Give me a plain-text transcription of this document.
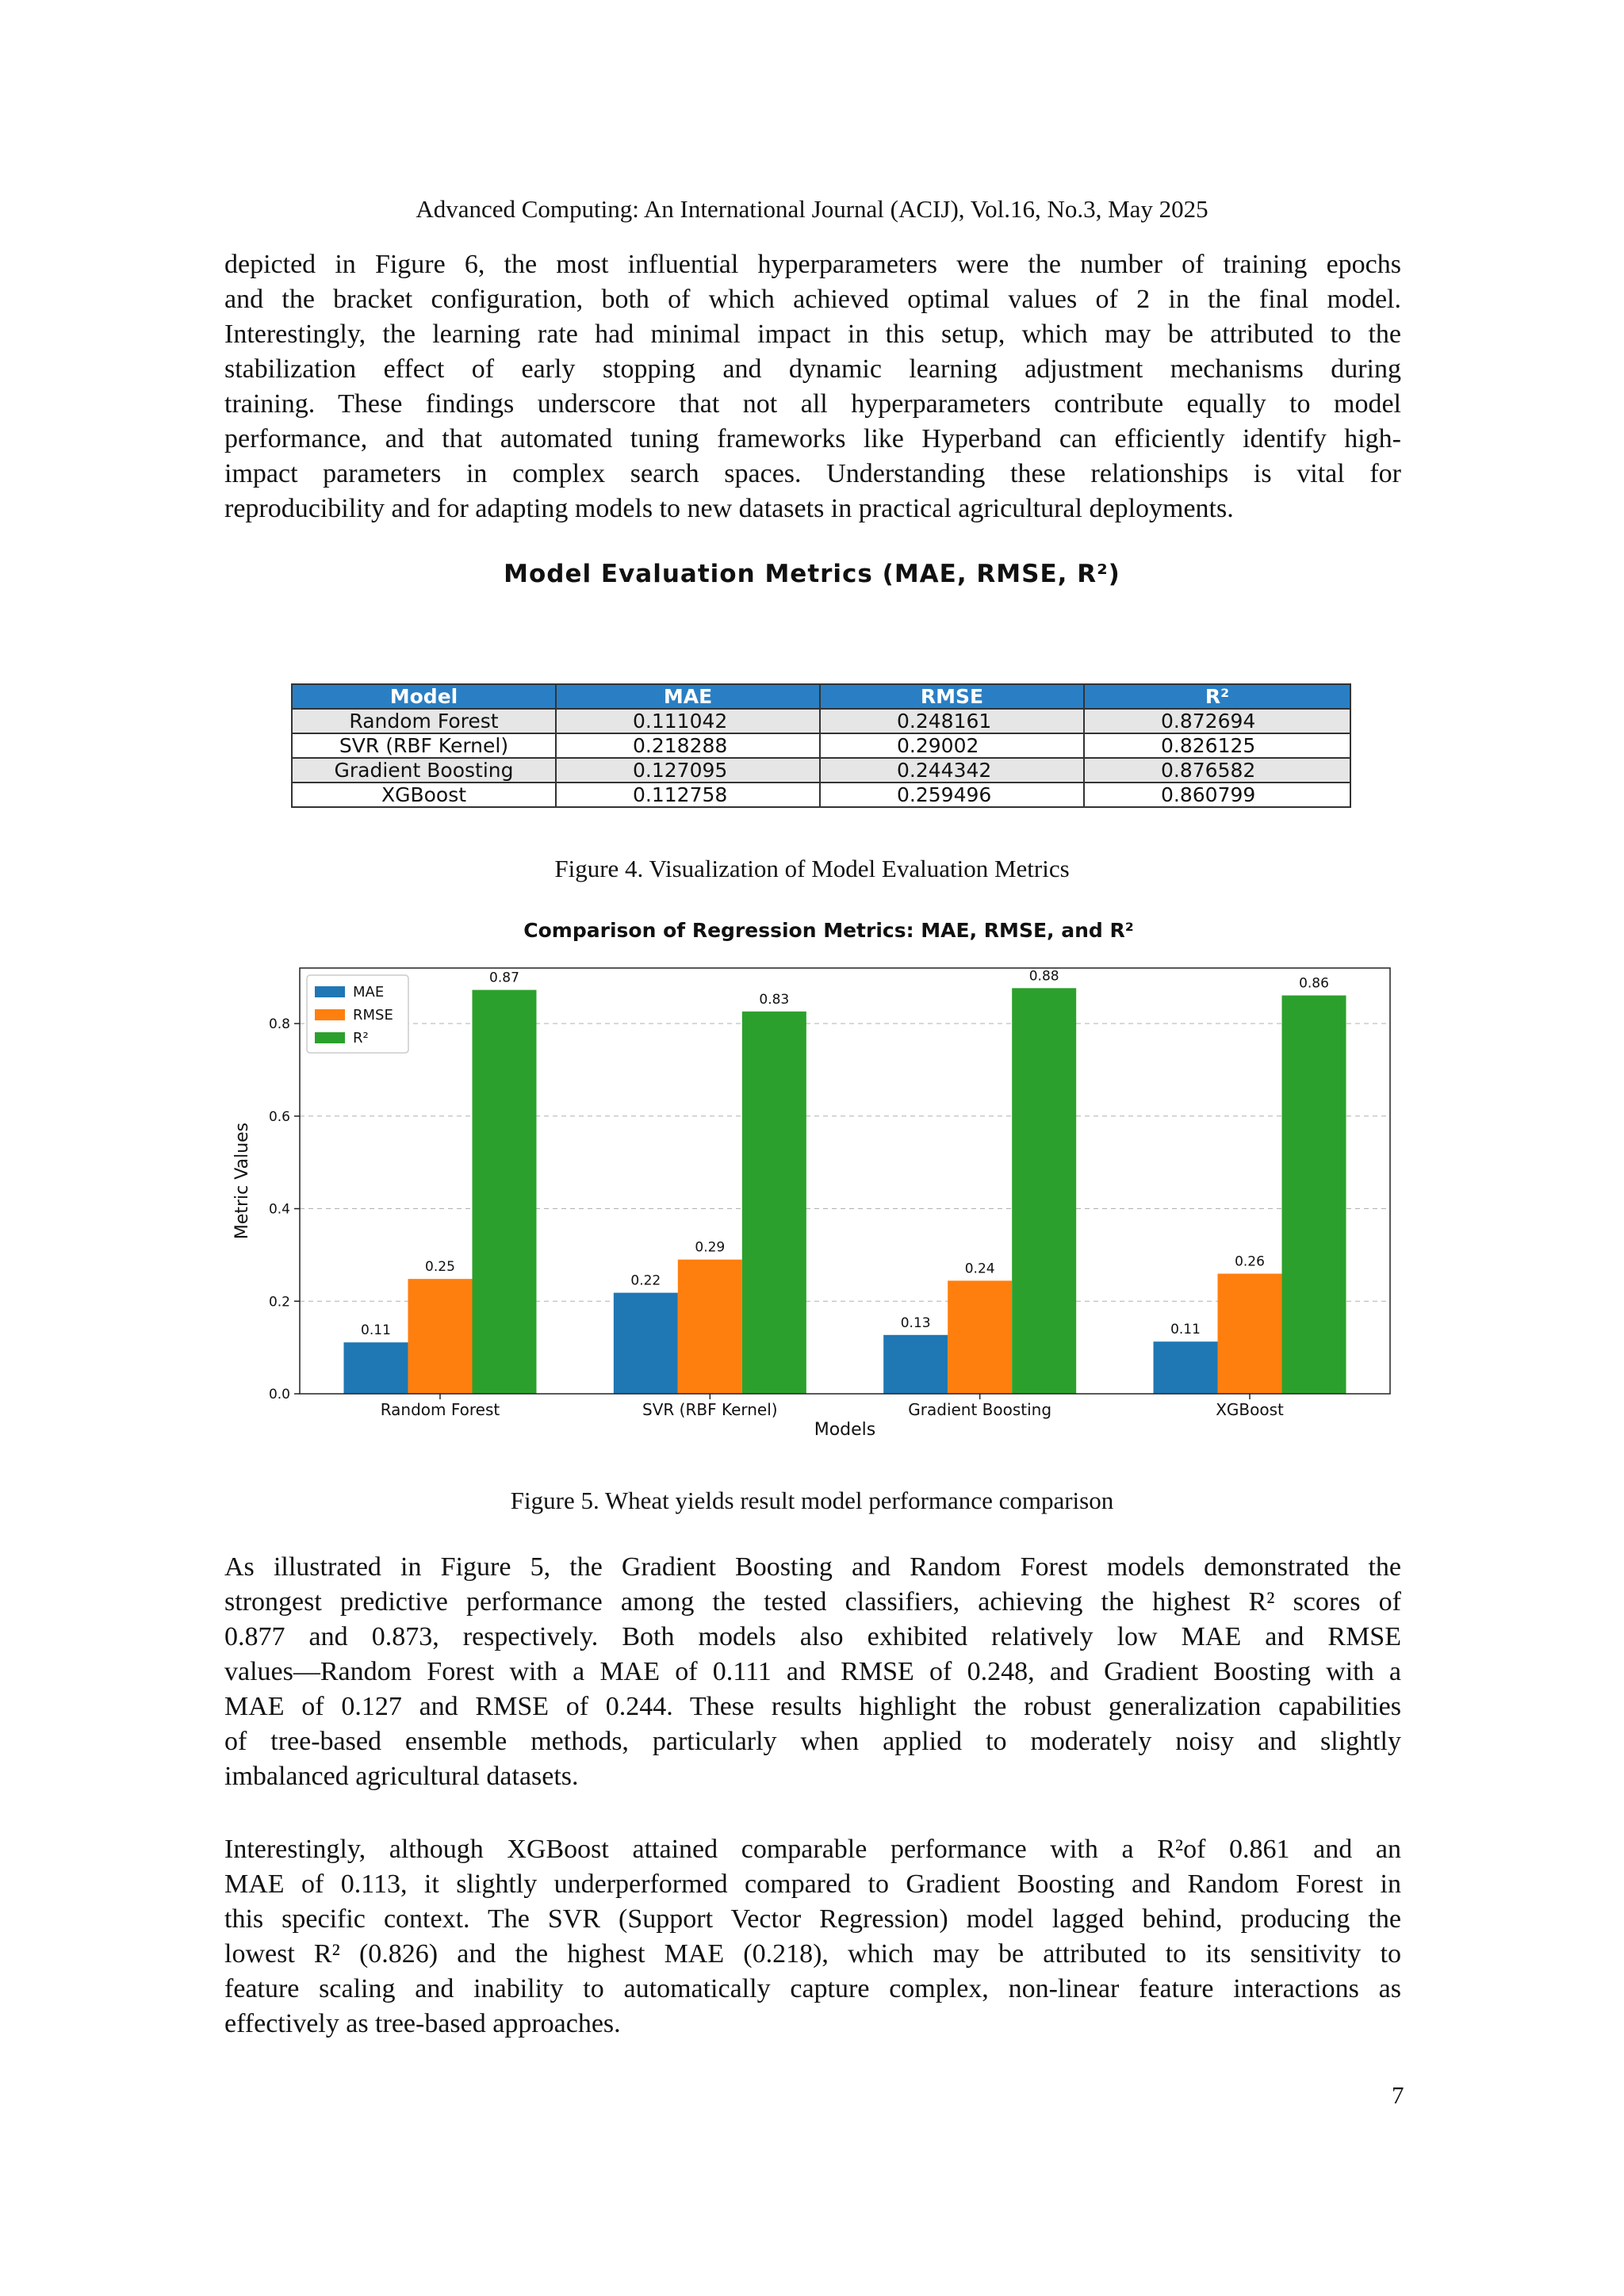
Advanced Computing: An International Journal (ACIJ), Vol.16, No.3, May 2025
depicted in Figure 6, the most influential hyperparameters were the number of training epochs
and the bracket configuration, both of which achieved optimal values of 2 in the final model.
Interestingly, the learning rate had minimal impact in this setup, which may be attributed to the
stabilization effect of early stopping and dynamic learning adjustment mechanisms during
training. These findings underscore that not all hyperparameters contribute equally to model
performance, and that automated tuning frameworks like Hyperband can efficiently identify high-
impact parameters in complex search spaces. Understanding these relationships is vital for
reproducibility and for adapting models to new datasets in practical agricultural deployments.
Model Evaluation Metrics (MAE, RMSE, R²)
Model	MAE	RMSE	R²
Random Forest	0.111042	0.248161	0.872694
SVR (RBF Kernel)	0.218288	0.29002	0.826125
Gradient Boosting	0.127095	0.244342	0.876582
XGBoost	0.112758	0.259496	0.860799
Figure 4. Visualization of Model Evaluation Metrics
Comparison of Regression Metrics: MAE, RMSE, and R²
0.11
0.25
0.87
0.22
0.29
0.83
0.13
0.24
0.88
0.11
0.26
0.86
0.0
0.2
0.4
0.6
0.8
Random Forest	SVR (RBF Kernel)	Gradient Boosting	XGBoost
Models
Metric Values
MAE
RMSE
R²
Figure 5. Wheat yields result model performance comparison
As illustrated in Figure 5, the Gradient Boosting and Random Forest models demonstrated the
strongest predictive performance among the tested classifiers, achieving the highest R² scores of
0.877 and 0.873, respectively. Both models also exhibited relatively low MAE and RMSE
values—Random Forest with a MAE of 0.111 and RMSE of 0.248, and Gradient Boosting with a
MAE of 0.127 and RMSE of 0.244. These results highlight the robust generalization capabilities
of tree-based ensemble methods, particularly when applied to moderately noisy and slightly
imbalanced agricultural datasets.
Interestingly, although XGBoost attained comparable performance with a R²of 0.861 and an
MAE of 0.113, it slightly underperformed compared to Gradient Boosting and Random Forest in
this specific context. The SVR (Support Vector Regression) model lagged behind, producing the
lowest R² (0.826) and the highest MAE (0.218), which may be attributed to its sensitivity to
feature scaling and inability to automatically capture complex, non-linear feature interactions as
effectively as tree-based approaches.
7
